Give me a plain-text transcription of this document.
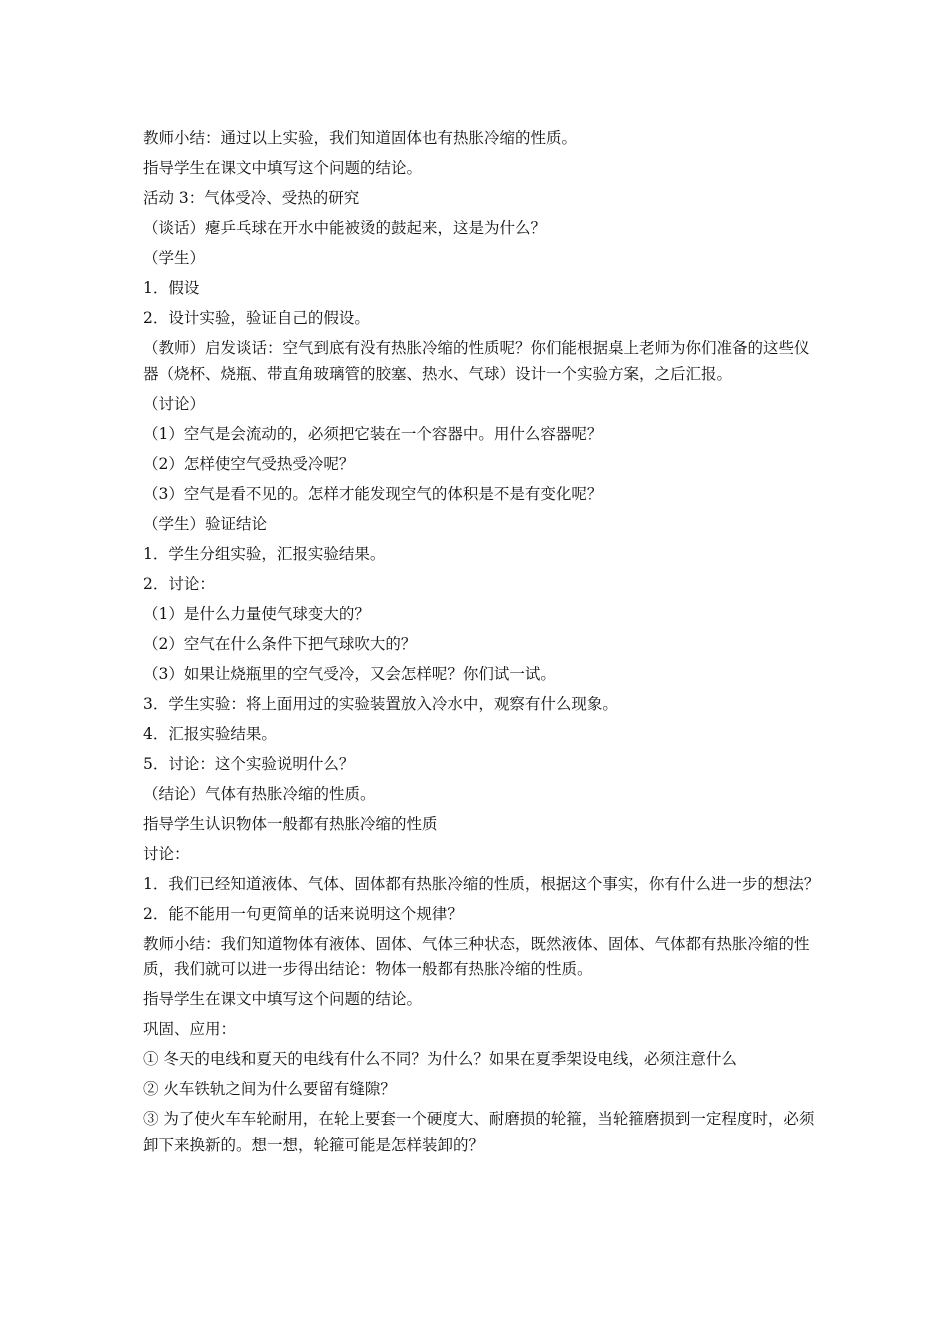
教师小结：通过以上实验，我们知道固体也有热胀冷缩的性质。

指导学生在课文中填写这个问题的结论。

活动 3：气体受冷、受热的研究

（谈话）瘪乒乓球在开水中能被烫的鼓起来，这是为什么？

（学生）

1．假设

2．设计实验，验证自己的假设。

（教师）启发谈话：空气到底有没有热胀冷缩的性质呢？你们能根据桌上老师为你们准备的这些仪器（烧杯、烧瓶、带直角玻璃管的胶塞、热水、气球）设计一个实验方案，之后汇报。

（讨论）

（1）空气是会流动的，必须把它装在一个容器中。用什么容器呢？

（2）怎样使空气受热受冷呢？

（3）空气是看不见的。怎样才能发现空气的体积是不是有变化呢？

（学生）验证结论

1．学生分组实验，汇报实验结果。

2．讨论：

（1）是什么力量使气球变大的？

（2）空气在什么条件下把气球吹大的？

（3）如果让烧瓶里的空气受冷，又会怎样呢？你们试一试。

3．学生实验：将上面用过的实验装置放入冷水中，观察有什么现象。

4．汇报实验结果。

5．讨论：这个实验说明什么？

（结论）气体有热胀冷缩的性质。

指导学生认识物体一般都有热胀冷缩的性质

讨论：

1．我们已经知道液体、气体、固体都有热胀冷缩的性质，根据这个事实，你有什么进一步的想法？

2．能不能用一句更简单的话来说明这个规律？

教师小结：我们知道物体有液体、固体、气体三种状态，既然液体、固体、气体都有热胀冷缩的性质，我们就可以进一步得出结论：物体一般都有热胀冷缩的性质。

指导学生在课文中填写这个问题的结论。

巩固、应用：

① 冬天的电线和夏天的电线有什么不同？为什么？如果在夏季架设电线，必须注意什么

② 火车铁轨之间为什么要留有缝隙？

③ 为了使火车车轮耐用，在轮上要套一个硬度大、耐磨损的轮箍，当轮箍磨损到一定程度时，必须卸下来换新的。想一想，轮箍可能是怎样装卸的？
